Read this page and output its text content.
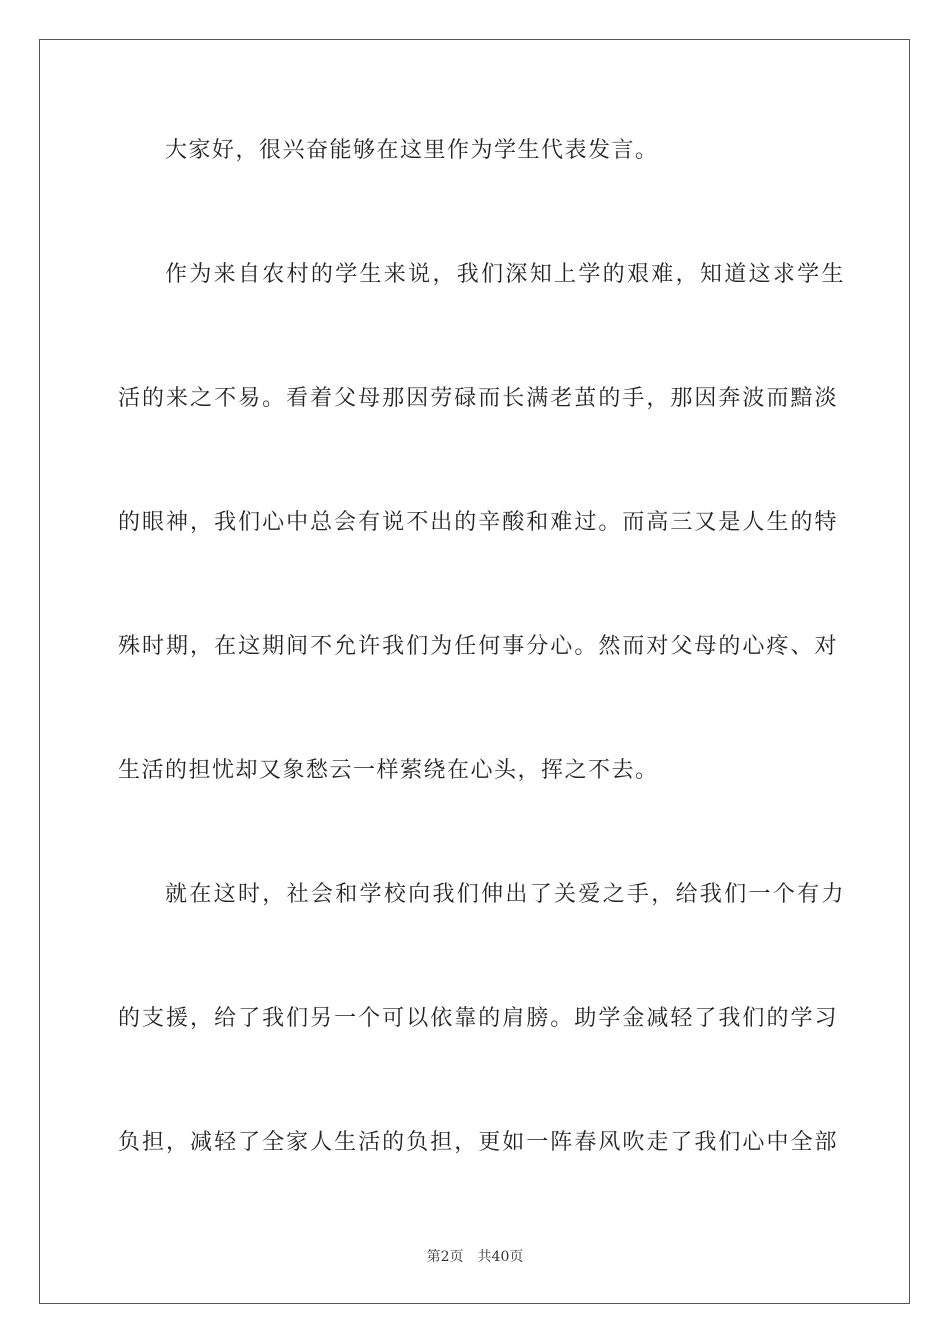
大家好，很兴奋能够在这里作为学生代表发言。
作为来自农村的学生来说，我们深知上学的艰难，知道这求学生
活的来之不易。看着父母那因劳碌而长满老茧的手，那因奔波而黯淡
的眼神，我们心中总会有说不出的辛酸和难过。而高三又是人生的特
殊时期，在这期间不允许我们为任何事分心。然而对父母的心疼、对
生活的担忧却又象愁云一样萦绕在心头，挥之不去。
就在这时，社会和学校向我们伸出了关爱之手，给我们一个有力
的支援，给了我们另一个可以依靠的肩膀。助学金减轻了我们的学习
负担，减轻了全家人生活的负担，更如一阵春风吹走了我们心中全部
第2页 共40页
